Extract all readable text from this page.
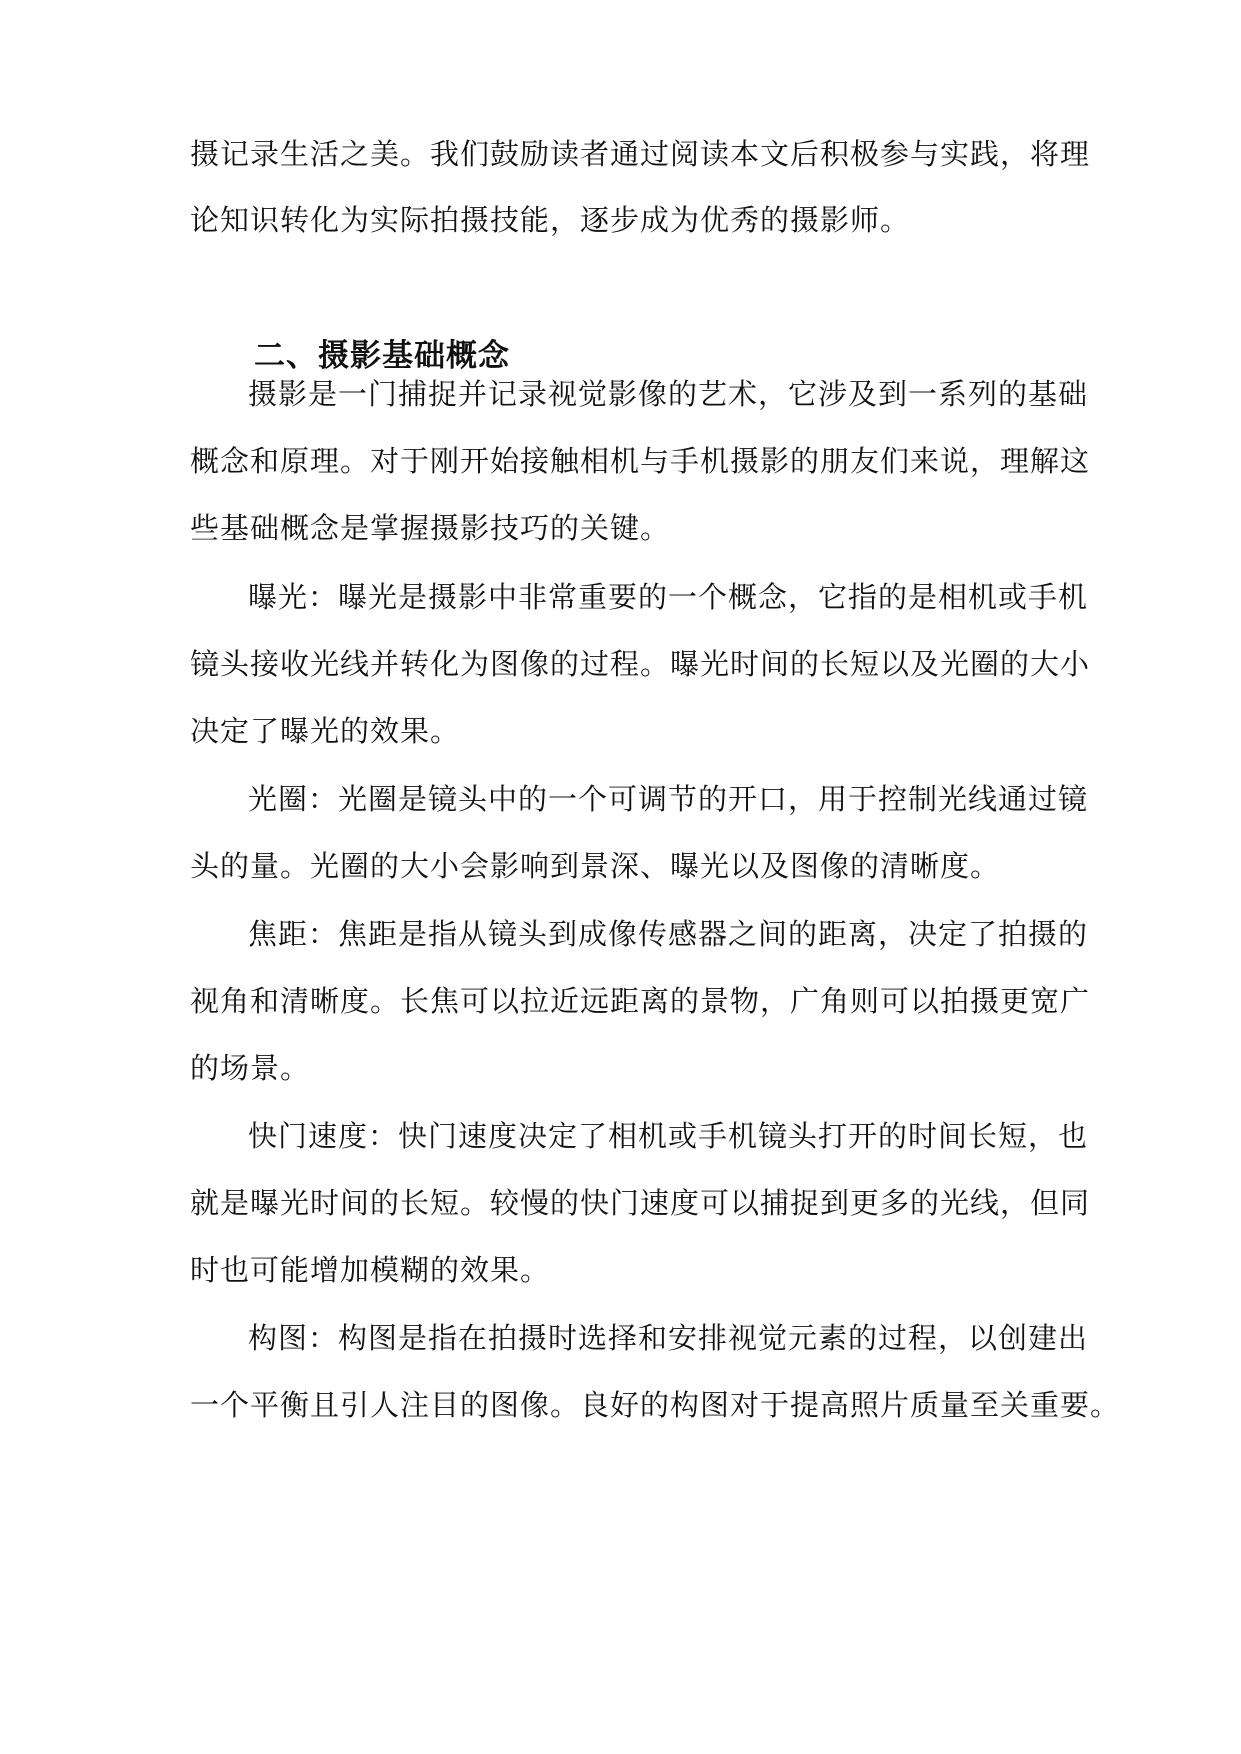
摄记录生活之美。我们鼓励读者通过阅读本文后积极参与实践，将理
论知识转化为实际拍摄技能，逐步成为优秀的摄影师。
二、摄影基础概念
摄影是一门捕捉并记录视觉影像的艺术，它涉及到一系列的基础
概念和原理。对于刚开始接触相机与手机摄影的朋友们来说，理解这
些基础概念是掌握摄影技巧的关键。
曝光：曝光是摄影中非常重要的一个概念，它指的是相机或手机
镜头接收光线并转化为图像的过程。曝光时间的长短以及光圈的大小
决定了曝光的效果。
光圈：光圈是镜头中的一个可调节的开口，用于控制光线通过镜
头的量。光圈的大小会影响到景深、曝光以及图像的清晰度。
焦距：焦距是指从镜头到成像传感器之间的距离，决定了拍摄的
视角和清晰度。长焦可以拉近远距离的景物，广角则可以拍摄更宽广
的场景。
快门速度：快门速度决定了相机或手机镜头打开的时间长短，也
就是曝光时间的长短。较慢的快门速度可以捕捉到更多的光线，但同
时也可能增加模糊的效果。
构图：构图是指在拍摄时选择和安排视觉元素的过程，以创建出
一个平衡且引人注目的图像。良好的构图对于提高照片质量至关重要。
